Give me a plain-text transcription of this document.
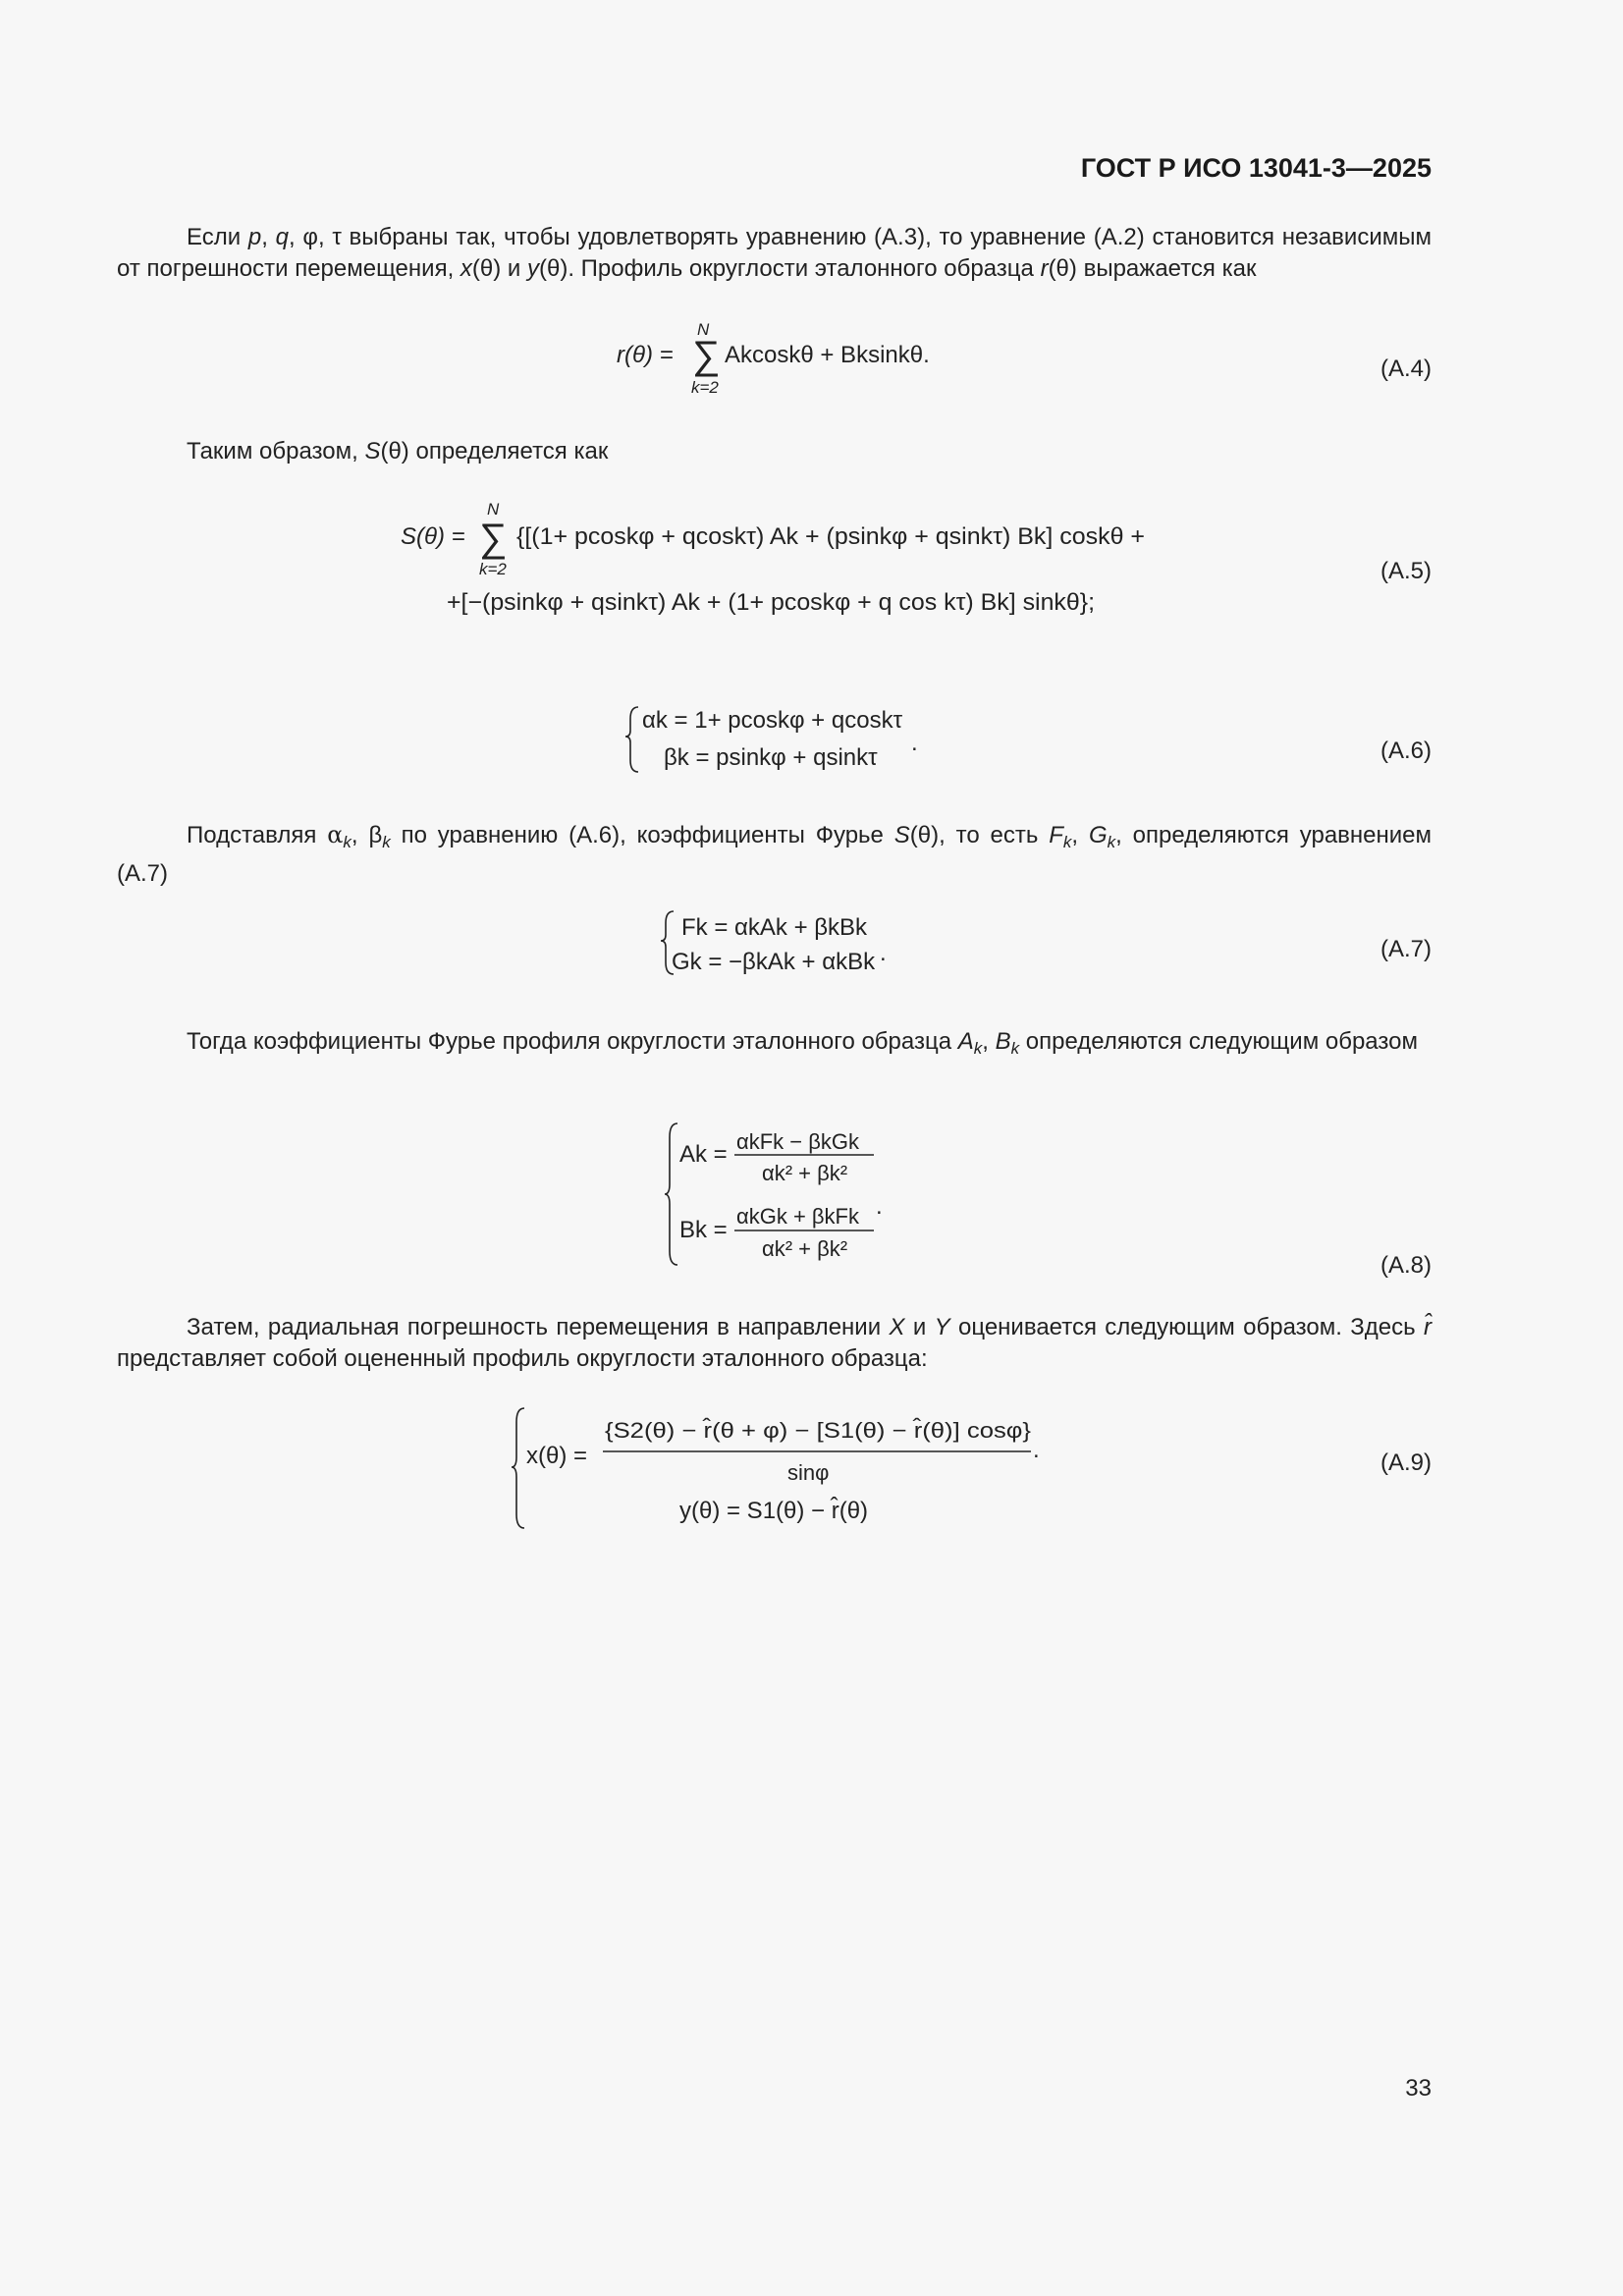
ГОСТ Р ИСО 13041-3—2025

Если p, q, φ, τ выбраны так, чтобы удовлетворять уравнению (А.3), то уравнение (А.2) становится независимым от погрешности перемещения, x(θ) и y(θ). Профиль округлости эталонного образца r(θ) выражается как

r(θ) = ∑
N
k=2
Akcoskθ + Bksinkθ.
(A.4)

Таким образом, S(θ) определяется как

S(θ) = ∑
N
k=2
{[(1+ pcoskφ + qcoskτ) Ak + (psinkφ + qsinkτ) Bk] coskθ +
+[−(psinkφ + qsinkτ) Ak + (1+ pcoskφ + q cos kτ) Bk] sinkθ};
(A.5)
αk = 1+ pcoskφ + qcoskτ
βk = psinkφ + qsinkτ
.	(A.6)

Подставляя $\alpha_k$, $\beta_k$ по уравнению (А.6), коэффициенты Фурье S(θ), то есть $F_k$, $G_k$, определяются уравнением (А.7)

Fk = αkAk + βkBk
Gk = −βkAk + αkBk .	(A.7)

Тогда коэффициенты Фурье профиля округлости эталонного образца $A_k$, $B_k$ определяются следующим образом

Ak = αkFk − βkGk
αk² + βk²
Bk =
αkGk + βkFk
αk² + βk²
.
(A.8)

Затем, радиальная погрешность перемещения в направлении X и Y оценивается следующим образом. Здесь r̂ представляет собой оцененный профиль округлости эталонного образца:

x(θ) =
{S2(θ) − r̂(θ + φ) − [S1(θ) − r̂(θ)] cosφ}
sinφ
.
y(θ) = S1(θ) − r̂(θ)
(A.9)
33
